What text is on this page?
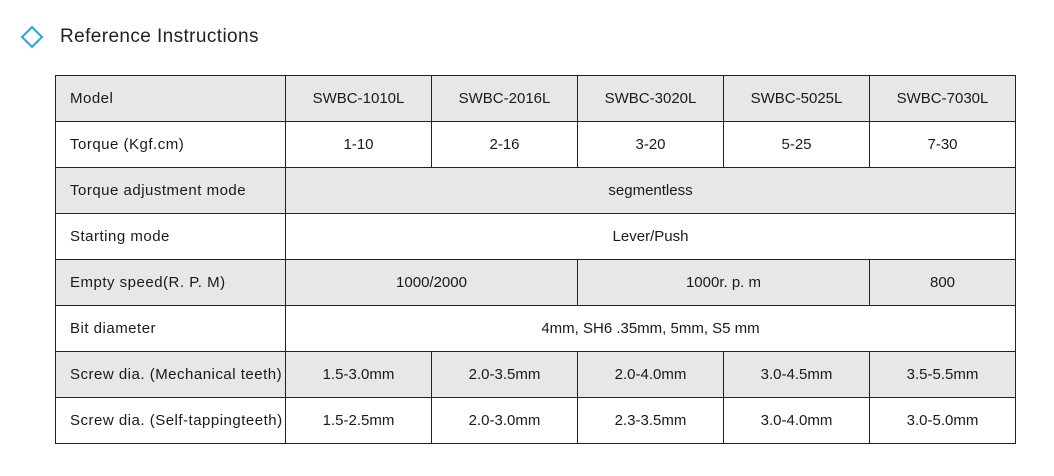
Reference Instructions
Model	SWBC-1010L	SWBC-2016L	SWBC-3020L	SWBC-5025L	SWBC-7030L
Torque (Kgf.cm)	1-10	2-16	3-20	5-25	7-30
Torque adjustment mode	segmentless				
Starting mode	Lever/Push				
Empty speed(R. P. M)	1000/2000		1000r. p. m		800
Bit diameter	4mm, SH6 .35mm, 5mm, S5 mm				
Screw dia. (Mechanical teeth)	1.5-3.0mm	2.0-3.5mm	2.0-4.0mm	3.0-4.5mm	3.5-5.5mm
Screw dia. (Self-tappingteeth)	1.5-2.5mm	2.0-3.0mm	2.3-3.5mm	3.0-4.0mm	3.0-5.0mm
